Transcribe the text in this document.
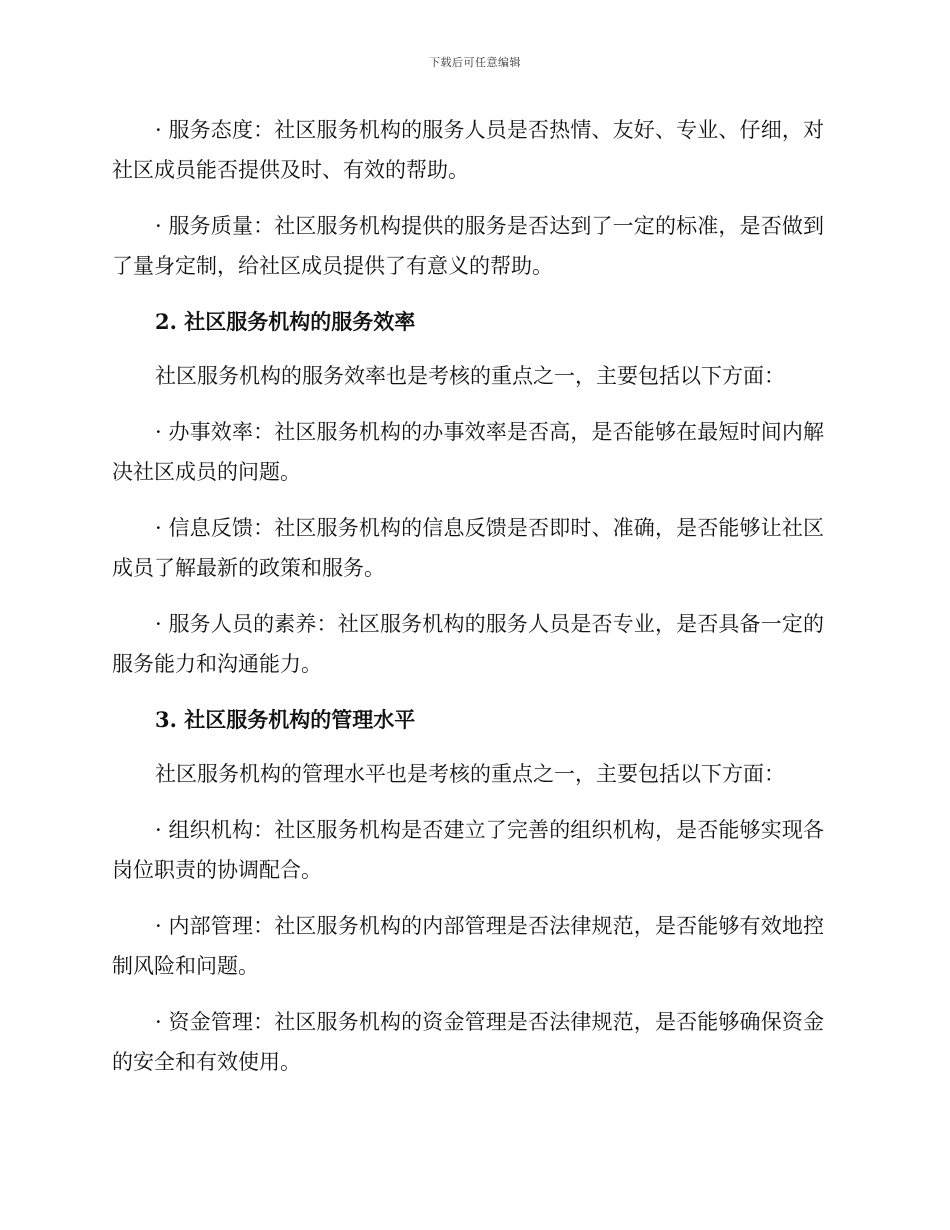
下载后可任意编辑

· 服务态度：社区服务机构的服务人员是否热情、友好、专业、仔细，对社区成员能否提供及时、有效的帮助。

· 服务质量：社区服务机构提供的服务是否达到了一定的标准，是否做到了量身定制，给社区成员提供了有意义的帮助。

2. 社区服务机构的服务效率

社区服务机构的服务效率也是考核的重点之一，主要包括以下方面：

· 办事效率：社区服务机构的办事效率是否高，是否能够在最短时间内解决社区成员的问题。

· 信息反馈：社区服务机构的信息反馈是否即时、准确，是否能够让社区成员了解最新的政策和服务。

· 服务人员的素养：社区服务机构的服务人员是否专业，是否具备一定的服务能力和沟通能力。

3. 社区服务机构的管理水平

社区服务机构的管理水平也是考核的重点之一，主要包括以下方面：

· 组织机构：社区服务机构是否建立了完善的组织机构，是否能够实现各岗位职责的协调配合。

· 内部管理：社区服务机构的内部管理是否法律规范，是否能够有效地控制风险和问题。

· 资金管理：社区服务机构的资金管理是否法律规范，是否能够确保资金的安全和有效使用。
